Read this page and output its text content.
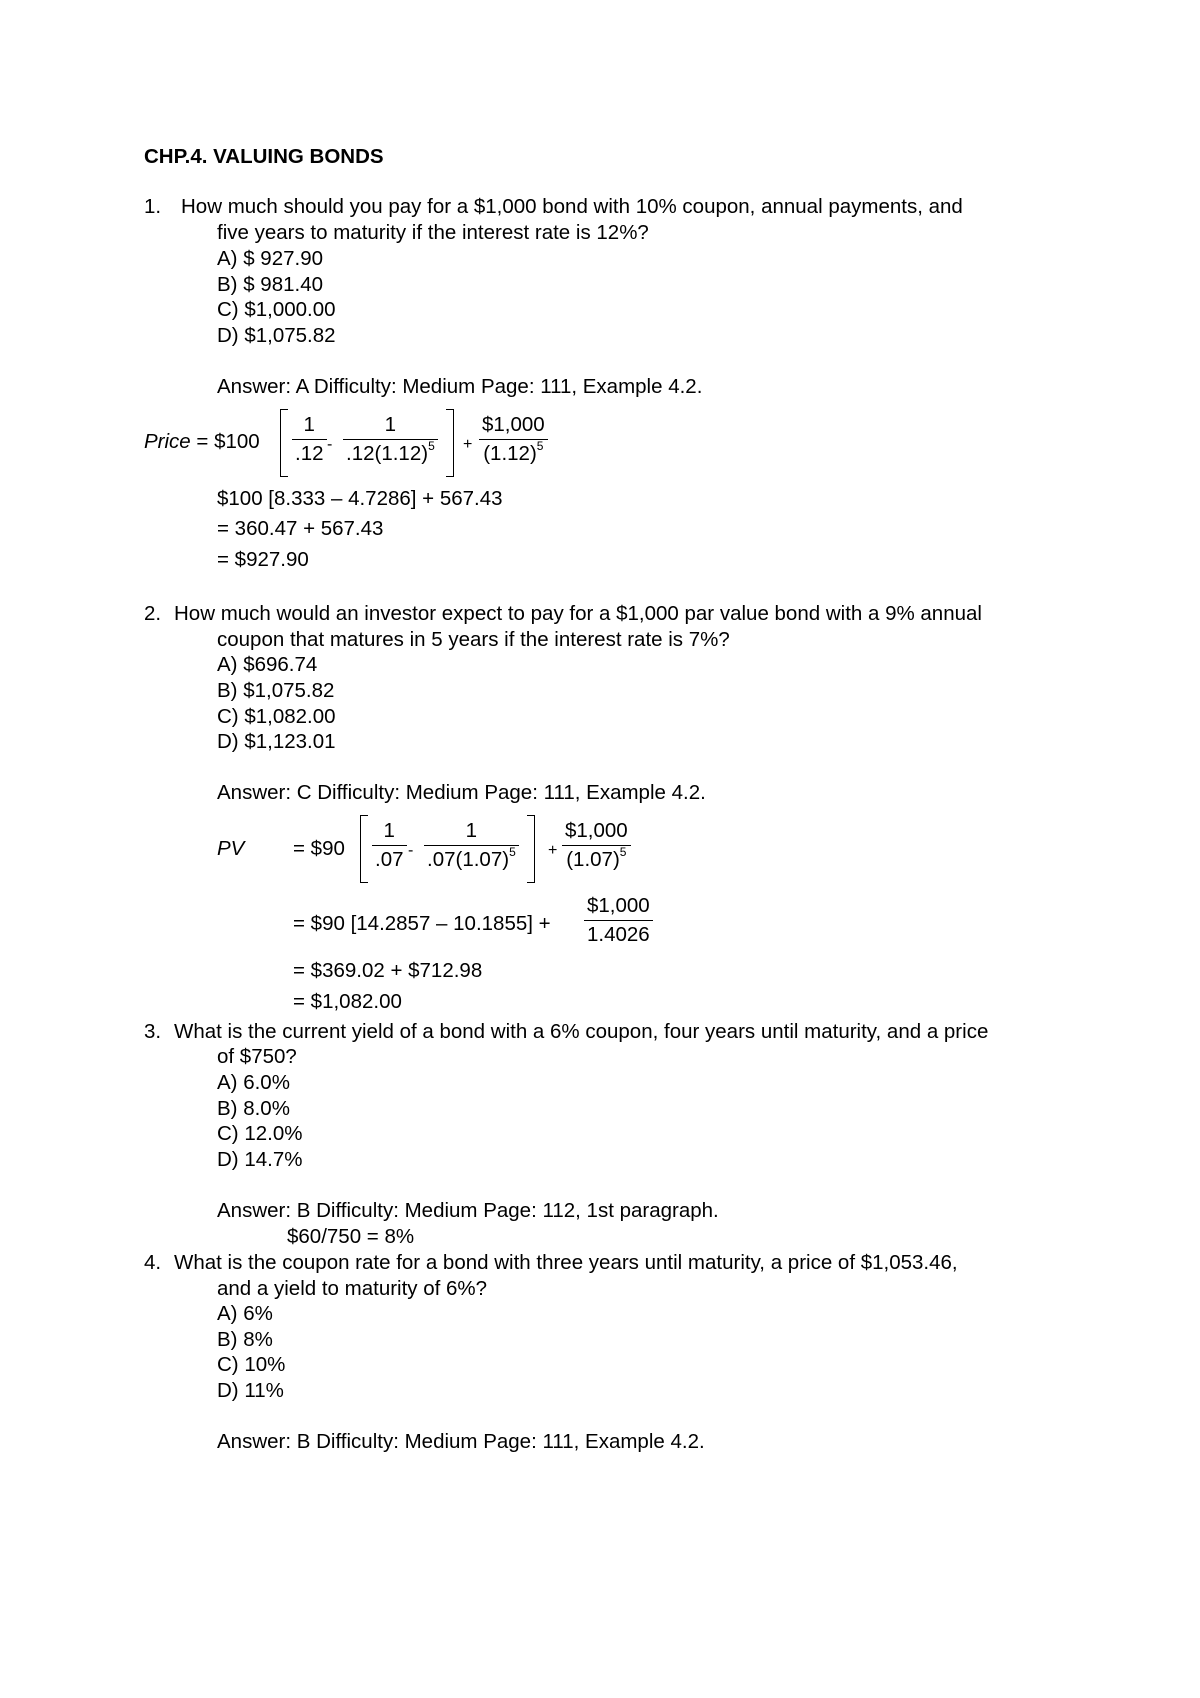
CHP.4. VALUING BONDS
1. How much should you pay for a $1,000 bond with 10% coupon, annual payments, and
five years to maturity if the interest rate is 12%?
A) $ 927.90
B) $ 981.40
C) $1,000.00
D) $1,075.82
Answer: A Difficulty: Medium Page: 111, Example 4.2.
Price = $100 $\frac{1}{.12} - \frac{1}{.12(1.12)^5} + \frac{\$1,000}{(1.12)^5}$
$100 [8.333 – 4.7286] + 567.43
= 360.47 + 567.43
= $927.90
2. How much would an investor expect to pay for a $1,000 par value bond with a 9% annual
coupon that matures in 5 years if the interest rate is 7%?
A) $696.74
B) $1,075.82
C) $1,082.00
D) $1,123.01
Answer: C Difficulty: Medium Page: 111, Example 4.2.
PV = $90 $\frac{1}{.07} - \frac{1}{.07(1.07)^5} + \frac{\$1,000}{(1.07)^5}$
= $90 $[14.2857 - 10.1855] + \frac{\$1,000}{1.4026}$
= $369.02 + $712.98
= $1,082.00
3. What is the current yield of a bond with a 6% coupon, four years until maturity, and a price
of $750?
A) 6.0%
B) 8.0%
C) 12.0%
D) 14.7%
Answer: B Difficulty: Medium Page: 112, 1st paragraph.
$60/750 = 8%
4. What is the coupon rate for a bond with three years until maturity, a price of $1,053.46,
and a yield to maturity of 6%?
A) 6%
B) 8%
C) 10%
D) 11%
Answer: B Difficulty: Medium Page: 111, Example 4.2.
